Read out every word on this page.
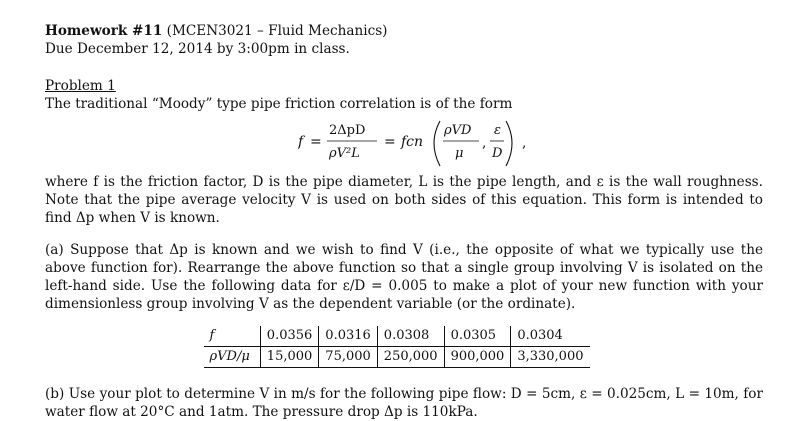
Homework #11 (MCEN3021 – Fluid Mechanics)
Due December 12, 2014 by 3:00pm in class.
Problem 1

The traditional “Moody” type pipe friction correlation is of the form

f =
2ΔpD
ρV²L
= fcn
ρVD
μ
,
ε
D
,

where f is the friction factor, D is the pipe diameter, L is the pipe length, and ε is the wall roughness. Note that the pipe average velocity V is used on both sides of this equation. This form is intended to find Δp when V is known.

(a) Suppose that Δp is known and we wish to find V (i.e., the opposite of what we typically use the above function for). Rearrange the above function so that a single group involving V is isolated on the left-hand side. Use the following data for ε/D = 0.005 to make a plot of your new function with your dimensionless group involving V as the dependent variable (or the ordinate).

f	0.0356	0.0316	0.0308	0.0305	0.0304
ρVD/μ	15,000	75,000	250,000	900,000	3,330,000

(b) Use your plot to determine V in m/s for the following pipe flow: D = 5cm, ε = 0.025cm, L = 10m, for water flow at 20°C and 1atm. The pressure drop Δp is 110kPa.
